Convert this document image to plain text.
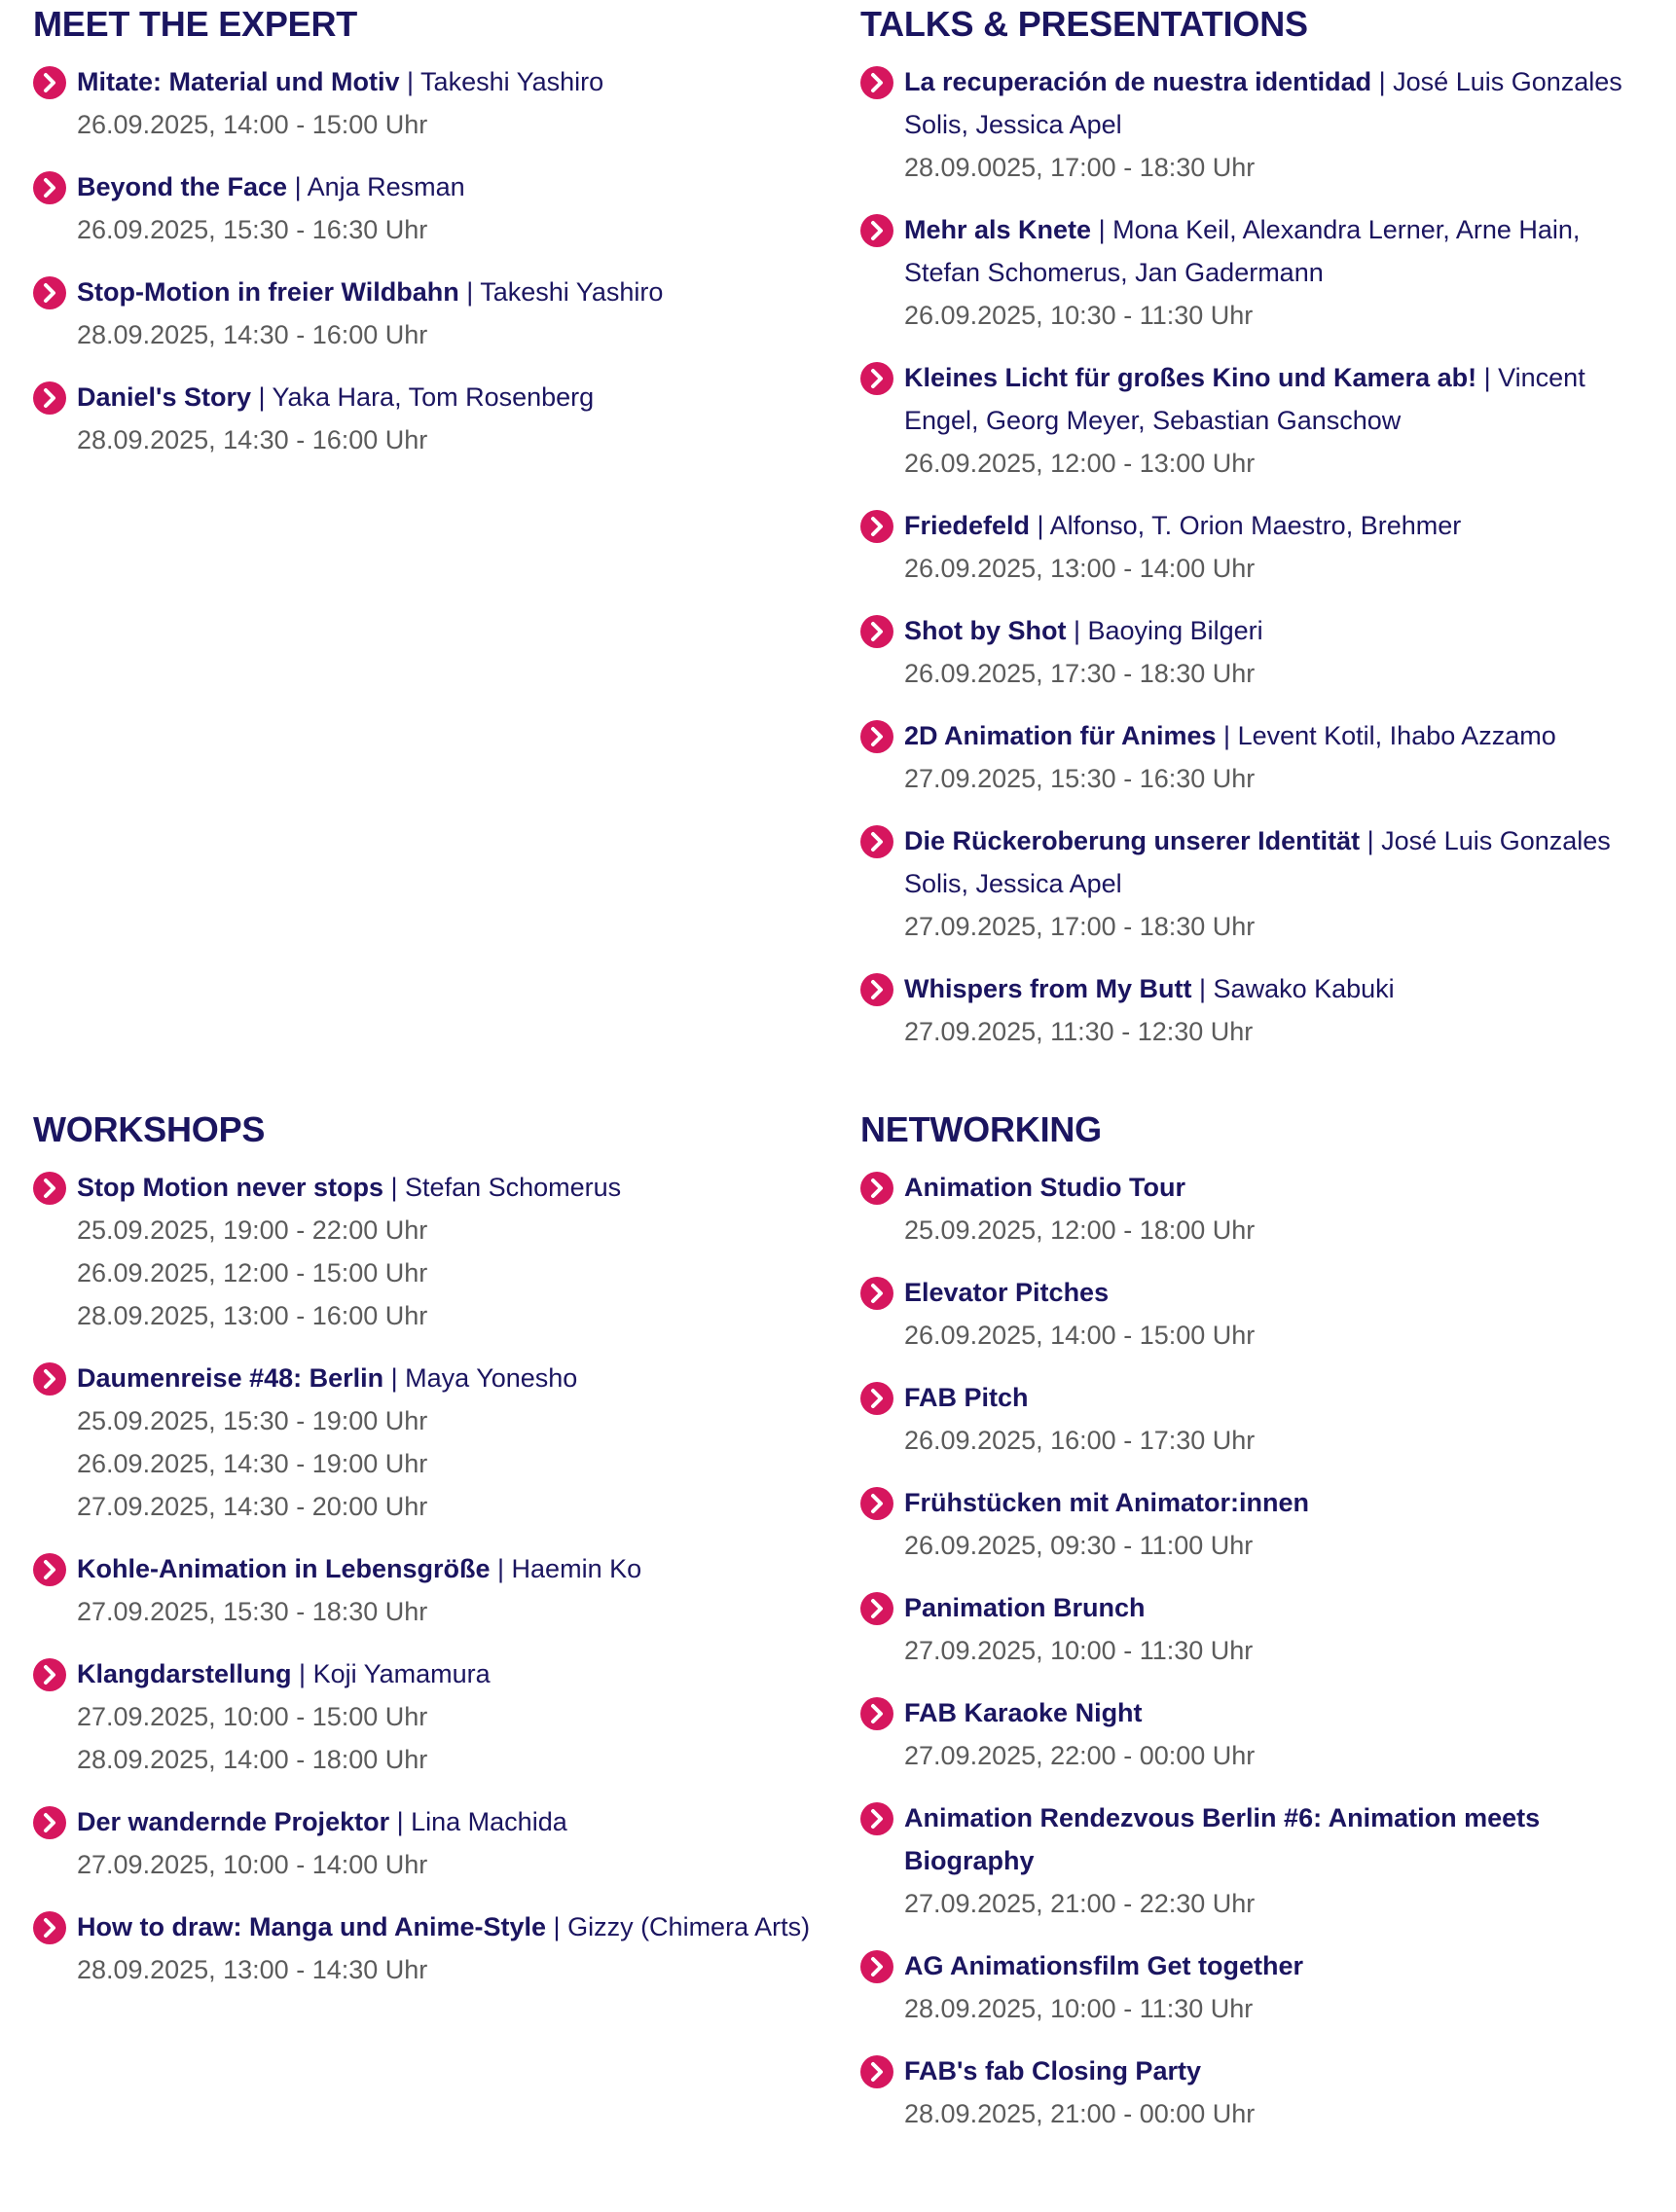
MEET THE EXPERT
Mitate: Material und Motiv | Takeshi Yashiro
26.09.2025, 14:00 - 15:00 Uhr
Beyond the Face | Anja Resman
26.09.2025, 15:30 - 16:30 Uhr
Stop-Motion in freier Wildbahn | Takeshi Yashiro
28.09.2025, 14:30 - 16:00 Uhr
Daniel's Story | Yaka Hara, Tom Rosenberg
28.09.2025, 14:30 - 16:00 Uhr
TALKS & PRESENTATIONS
La recuperación de nuestra identidad | José Luis Gonzales Solis, Jessica Apel
28.09.0025, 17:00 - 18:30 Uhr
Mehr als Knete | Mona Keil, Alexandra Lerner, Arne Hain, Stefan Schomerus, Jan Gadermann
26.09.2025, 10:30 - 11:30 Uhr
Kleines Licht für großes Kino und Kamera ab! | Vincent Engel, Georg Meyer, Sebastian Ganschow
26.09.2025, 12:00 - 13:00 Uhr
Friedefeld | Alfonso, T. Orion Maestro, Brehmer
26.09.2025, 13:00 - 14:00 Uhr
Shot by Shot | Baoying Bilgeri
26.09.2025, 17:30 - 18:30 Uhr
2D Animation für Animes | Levent Kotil, Ihabo Azzamo
27.09.2025, 15:30 - 16:30 Uhr
Die Rückeroberung unserer Identität | José Luis Gonzales Solis, Jessica Apel
27.09.2025, 17:00 - 18:30 Uhr
Whispers from My Butt | Sawako Kabuki
27.09.2025, 11:30 - 12:30 Uhr
WORKSHOPS
Stop Motion never stops | Stefan Schomerus
25.09.2025, 19:00 - 22:00 Uhr
26.09.2025, 12:00 - 15:00 Uhr
28.09.2025, 13:00 - 16:00 Uhr
Daumenreise #48: Berlin | Maya Yonesho
25.09.2025, 15:30 - 19:00 Uhr
26.09.2025, 14:30 - 19:00 Uhr
27.09.2025, 14:30 - 20:00 Uhr
Kohle-Animation in Lebensgröße | Haemin Ko
27.09.2025, 15:30 - 18:30 Uhr
Klangdarstellung | Koji Yamamura
27.09.2025, 10:00 - 15:00 Uhr
28.09.2025, 14:00 - 18:00 Uhr
Der wandernde Projektor | Lina Machida
27.09.2025, 10:00 - 14:00 Uhr
How to draw: Manga und Anime-Style | Gizzy (Chimera Arts)
28.09.2025, 13:00 - 14:30 Uhr
NETWORKING
Animation Studio Tour
25.09.2025, 12:00 - 18:00 Uhr
Elevator Pitches
26.09.2025, 14:00 - 15:00 Uhr
FAB Pitch
26.09.2025, 16:00 - 17:30 Uhr
Frühstücken mit Animator:innen
26.09.2025, 09:30 - 11:00 Uhr
Panimation Brunch
27.09.2025, 10:00 - 11:30 Uhr
FAB Karaoke Night
27.09.2025, 22:00 - 00:00 Uhr
Animation Rendezvous Berlin #6: Animation meets Biography
27.09.2025, 21:00 - 22:30 Uhr
AG Animationsfilm Get together
28.09.2025, 10:00 - 11:30 Uhr
FAB's fab Closing Party
28.09.2025, 21:00 - 00:00 Uhr
